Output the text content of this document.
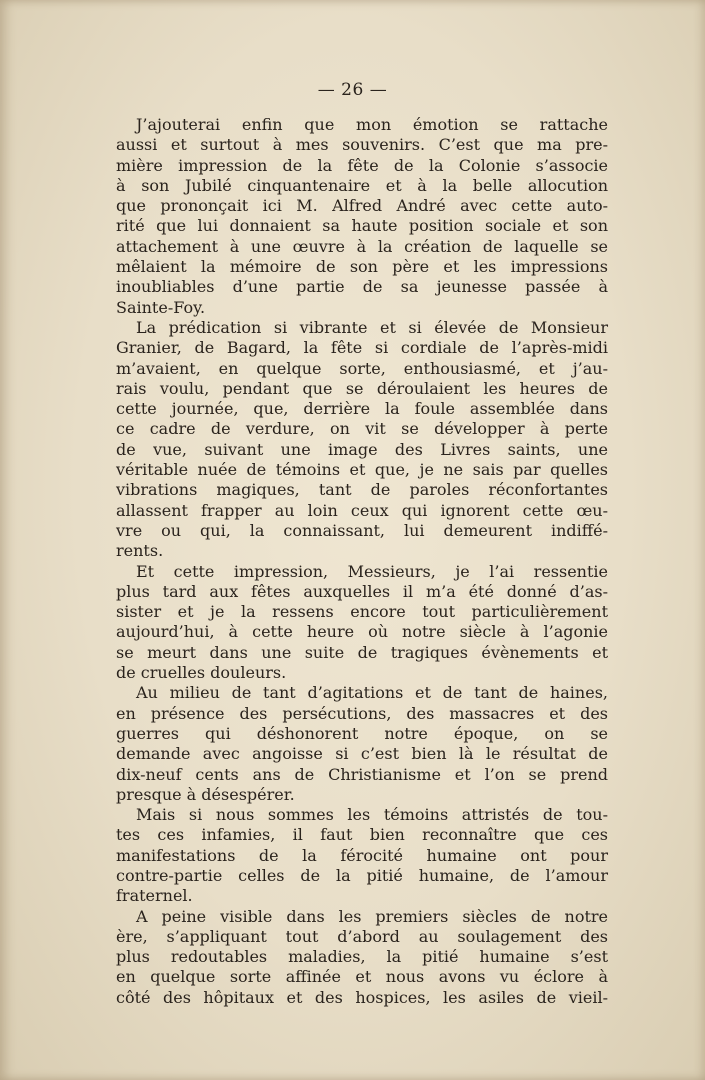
— 26 —
J’ajouterai enfin que mon émotion se rattache
aussi et surtout à mes souvenirs. C’est que ma pre-
mière impression de la fête de la Colonie s’associe
à son Jubilé cinquantenaire et à la belle allocution
que prononçait ici M. Alfred André avec cette auto-
rité que lui donnaient sa haute position sociale et son
attachement à une œuvre à la création de laquelle se
mêlaient la mémoire de son père et les impressions
inoubliables d’une partie de sa jeunesse passée à
Sainte-Foy.
La prédication si vibrante et si élevée de Monsieur
Granier, de Bagard, la fête si cordiale de l’après-midi
m’avaient, en quelque sorte, enthousiasmé, et j’au-
rais voulu, pendant que se déroulaient les heures de
cette journée, que, derrière la foule assemblée dans
ce cadre de verdure, on vit se développer à perte
de vue, suivant une image des Livres saints, une
véritable nuée de témoins et que, je ne sais par quelles
vibrations magiques, tant de paroles réconfortantes
allassent frapper au loin ceux qui ignorent cette œu-
vre ou qui, la connaissant, lui demeurent indiffé-
rents.
Et cette impression, Messieurs, je l’ai ressentie
plus tard aux fêtes auxquelles il m’a été donné d’as-
sister et je la ressens encore tout particulièrement
aujourd’hui, à cette heure où notre siècle à l’agonie
se meurt dans une suite de tragiques évènements et
de cruelles douleurs.
Au milieu de tant d’agitations et de tant de haines,
en présence des persécutions, des massacres et des
guerres qui déshonorent notre époque, on se
demande avec angoisse si c’est bien là le résultat de
dix-neuf cents ans de Christianisme et l’on se prend
presque à désespérer.
Mais si nous sommes les témoins attristés de tou-
tes ces infamies, il faut bien reconnaître que ces
manifestations de la férocité humaine ont pour
contre-partie celles de la pitié humaine, de l’amour
fraternel.
A peine visible dans les premiers siècles de notre
ère, s’appliquant tout d’abord au soulagement des
plus redoutables maladies, la pitié humaine s’est
en quelque sorte affinée et nous avons vu éclore à
côté des hôpitaux et des hospices, les asiles de vieil-
